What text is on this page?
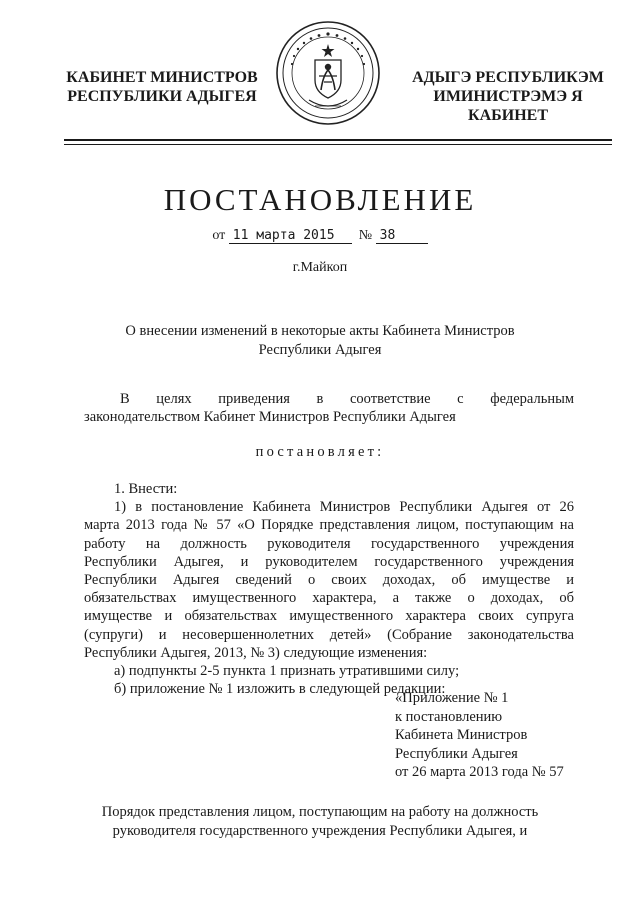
КАБИНЕТ МИНИСТРОВ
РЕСПУБЛИКИ АДЫГЕЯ
АДЫГЭ РЕСПУБЛИКЭМ
ИМИНИСТРЭМЭ Я КАБИНЕТ
ПОСТАНОВЛЕНИЕ
от 11 марта 2015 № 38
г.Майкоп
О внесении изменений в некоторые акты Кабинета Министров
Республики Адыгея
В целях приведения в соответствие с федеральным
законодательством Кабинет Министров Республики Адыгея
постановляет:
1. Внести:
1) в постановление Кабинета Министров Республики Адыгея от 26
марта 2013 года № 57 «О Порядке представления лицом, поступающим на
работу на должность руководителя государственного учреждения
Республики Адыгея, и руководителем государственного учреждения
Республики Адыгея сведений о своих доходах, об имуществе и
обязательствах имущественного характера, а также о доходах, об
имуществе и обязательствах имущественного характера своих супруга
(супруги) и несовершеннолетних детей» (Собрание законодательства
Республики Адыгея, 2013, № 3) следующие изменения:
а) подпункты 2-5 пункта 1 признать утратившими силу;
б) приложение № 1 изложить в следующей редакции:
«Приложение № 1
к постановлению
Кабинета Министров
Республики Адыгея
от 26 марта 2013 года № 57
Порядок представления лицом, поступающим на работу на должность
руководителя государственного учреждения Республики Адыгея, и
